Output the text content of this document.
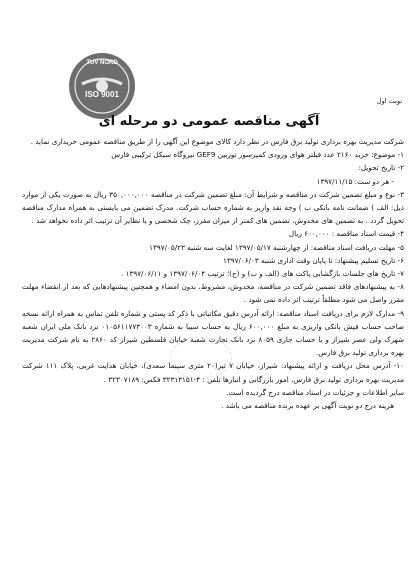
TUV NORD
ISO 9001
نوبت اول
آگهی مناقصه عمومی دو مرحله ای

شرکت مدیریت بهره برداری تولید برق فارس در نظر دارد کالای موضوع این آگهی را از طریق مناقصه عمومی خریداری نماید .

۱- موضوع: خرید ۲۱۶۰ عدد فیلتر هوای ورودی کمپرسور توربین GEF9 نیروگاه سیکل ترکیبی فارس

۲- تاریخ تحویل:

- هر دو ست: ۱۳۹۷/۱۱/۱۵

۳- نوع و مبلغ تضمین شرکت در مناقصه و شرایط آن: مبلغ تضمین شرکت در مناقصه ۳۵۰,۰۰۰,۰۰۰ ریال به صورت یکی از موارد ذیل: الف ) ضمانت نامه بانکی ب ) وجه نقد واریز به شماره حساب شرکت. مدرک تضمین می بایستی به همراه مدارک مناقصه تحویل گردد . به تضمین های مخدوش، تضمین های کمتر از میزان مقرر، چک شخصی و یا نظایر آن ترتیب اثر داده نخواهد شد .

۴- قیمت اسناد مناقصه : ۶۰۰,۰۰۰ ریال

۵- مهلت دریافت اسناد مناقصه: از چهارشنبه ۱۳۹۷/۰۵/۱۷ لغایت سه شنبه ۱۳۹۷/۰۵/۲۳

۶- تاریخ تسلیم پیشنهاد: تا پایان وقت اداری شنبه ۱۳۹۷/۰۶/۰۳

۷- تاریخ های جلسات بازگشایی پاکت های (الف و ب) و (ج)؛ ترتیب ۱۳۹۷/۰۶/۰۴ و ۱۳۹۷/۰۶/۱۱ .

۸- به پیشنهادهای فاقد تضمین شرکت در مناقصه، مخدوش، مشروط، بدون امضاء و همچنین پیشنهادهایی که بعد از انقضاء مهلت مقرر واصل می شود مطلقاً ترتیب اثر داده نمی شود .

۹- مدارک لازم برای دریافت اسناد مناقصه: ارائه آدرس دقیق مکاتباتی با ذکر کد پستی و شماره تلفن تماس به همراه ارائه نسخه صاحب حساب فیش بانکی واریزی به مبلغ ۶۰۰,۰۰۰ ریال به حساب سیبا به شماره ۰۱۰۵۶۱۱۷۷۳۰۰۳ نزد بانک ملی ایران شعبه شهرک ولی عصر شیراز و یا حساب جاری ۸۰۵۹ نزد بانک تجارت شعبه خیابان فلسطین شیراز کد ۲۸۶۰ به نام شرکت مدیریت بهره برداری تولید برق فارس.

۱۰- آدرس محل دریافت و ارائه پیشنهاد: شیراز، خیابان ۷ تیر(۲۰ متری سینما سعدی)، خیابان هدایت غربی، پلاک ۱۱۱ شرکت مدیریت بهره برداری تولید برق فارس، امور بازرگانی و انبارها تلفن : ۴-۳۲۳۱۳۱۵۱ فکس: ۳۲۳۰۷۱۸۹ .

سایر اطلاعات و جزئیات در اسناد مناقصه درج گردیده است.

هزینه درج دو نوبت آگهی بر عهده برنده مناقصه می باشد .
